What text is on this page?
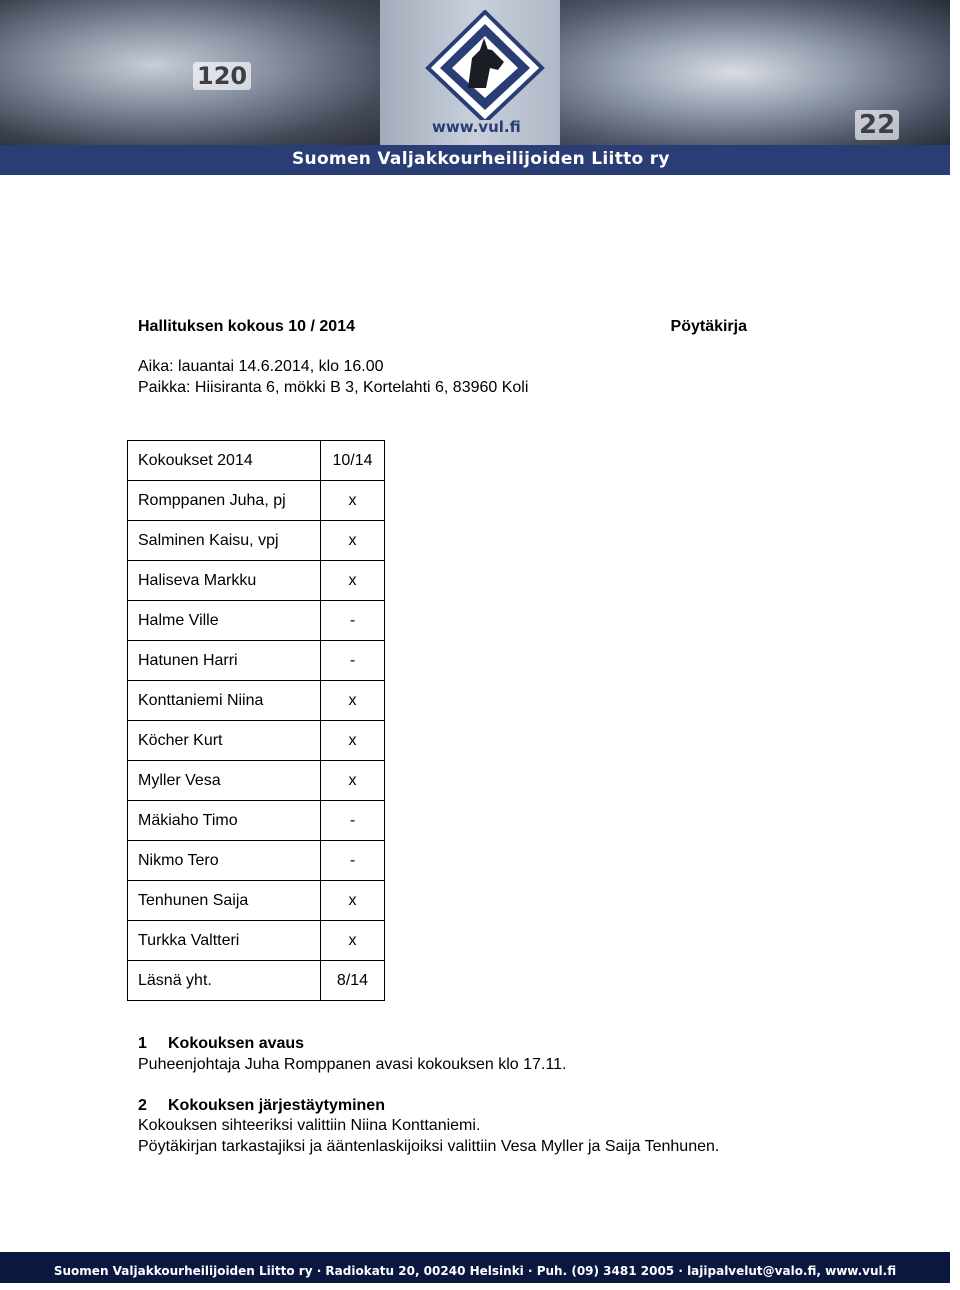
120
22
www.vul.fi
Suomen Valjakkourheilijoiden Liitto ry
Hallituksen kokous 10 / 2014	Pöytäkirja
Aika: lauantai 14.6.2014, klo 16.00
Paikka: Hiisiranta 6, mökki B 3, Kortelahti 6, 83960 Koli
Kokoukset 2014	10/14
Romppanen Juha, pj	x
Salminen Kaisu, vpj	x
Haliseva Markku	x
Halme Ville	-
Hatunen Harri	-
Konttaniemi Niina	x
Köcher Kurt	x
Myller Vesa	x
Mäkiaho Timo	-
Nikmo Tero	-
Tenhunen Saija	x
Turkka Valtteri	x
Läsnä yht.	8/14
1 Kokouksen avaus
Puheenjohtaja Juha Romppanen avasi kokouksen klo 17.11.
2 Kokouksen järjestäytyminen
Kokouksen sihteeriksi valittiin Niina Konttaniemi.
Pöytäkirjan tarkastajiksi ja ääntenlaskijoiksi valittiin Vesa Myller ja Saija Tenhunen.
Suomen Valjakkourheilijoiden Liitto ry · Radiokatu 20, 00240 Helsinki · Puh. (09) 3481 2005 · lajipalvelut@valo.fi, www.vul.fi
